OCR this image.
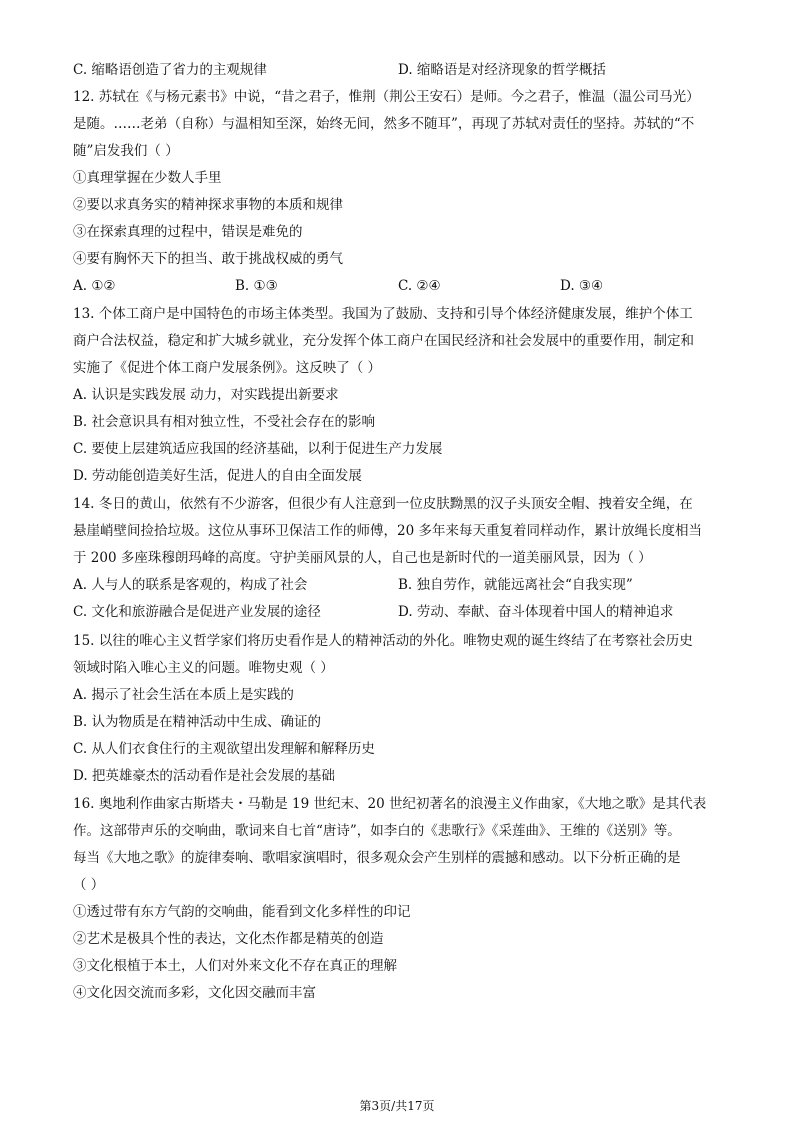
C. 缩略语创造了省力的主观规律	D. 缩略语是对经济现象的哲学概括
12. 苏轼在《与杨元素书》中说，“昔之君子，惟荆（荆公王安石）是师。今之君子，惟温（温公司马光）
是随。……老弟（自称）与温相知至深，始终无间，然多不随耳”，再现了苏轼对责任的坚持。苏轼的“不
随”启发我们（ ）
①真理掌握在少数人手里
②要以求真务实的精神探求事物的本质和规律
③在探索真理的过程中，错误是难免的
④要有胸怀天下的担当、敢于挑战权威的勇气
A. ①②	B. ①③	C. ②④	D. ③④
13. 个体工商户是中国特色的市场主体类型。我国为了鼓励、支持和引导个体经济健康发展，维护个体工
商户合法权益，稳定和扩大城乡就业，充分发挥个体工商户在国民经济和社会发展中的重要作用，制定和
实施了《促进个体工商户发展条例》。这反映了（ ）
A. 认识是实践发展 动力，对实践提出新要求
B. 社会意识具有相对独立性，不受社会存在的影响
C. 要使上层建筑适应我国的经济基础，以利于促进生产力发展
D. 劳动能创造美好生活，促进人的自由全面发展
14. 冬日的黄山，依然有不少游客，但很少有人注意到一位皮肤黝黑的汉子头顶安全帽、拽着安全绳，在
悬崖峭壁间捡拾垃圾。这位从事环卫保洁工作的师傅，20 多年来每天重复着同样动作，累计放绳长度相当
于 200 多座珠穆朗玛峰的高度。守护美丽风景的人，自己也是新时代的一道美丽风景，因为（ ）
A. 人与人的联系是客观的，构成了社会	B. 独自劳作，就能远离社会“自我实现”
C. 文化和旅游融合是促进产业发展的途径	D. 劳动、奉献、奋斗体现着中国人的精神追求
15. 以往的唯心主义哲学家们将历史看作是人的精神活动的外化。唯物史观的诞生终结了在考察社会历史
领域时陷入唯心主义的问题。唯物史观（ ）
A. 揭示了社会生活在本质上是实践的
B. 认为物质是在精神活动中生成、确证的
C. 从人们衣食住行的主观欲望出发理解和解释历史
D. 把英雄豪杰的活动看作是社会发展的基础
16. 奥地利作曲家古斯塔夫・马勒是 19 世纪末、20 世纪初著名的浪漫主义作曲家，《大地之歌》是其代表
作。这部带声乐的交响曲，歌词来自七首“唐诗”，如李白的《悲歌行》《采莲曲》、王维的《送别》等。
每当《大地之歌》的旋律奏响、歌唱家演唱时，很多观众会产生别样的震撼和感动。以下分析正确的是
（ ）
①透过带有东方气韵的交响曲，能看到文化多样性的印记
②艺术是极具个性的表达，文化杰作都是精英的创造
③文化根植于本土，人们对外来文化不存在真正的理解
④文化因交流而多彩，文化因交融而丰富
第3页/共17页
